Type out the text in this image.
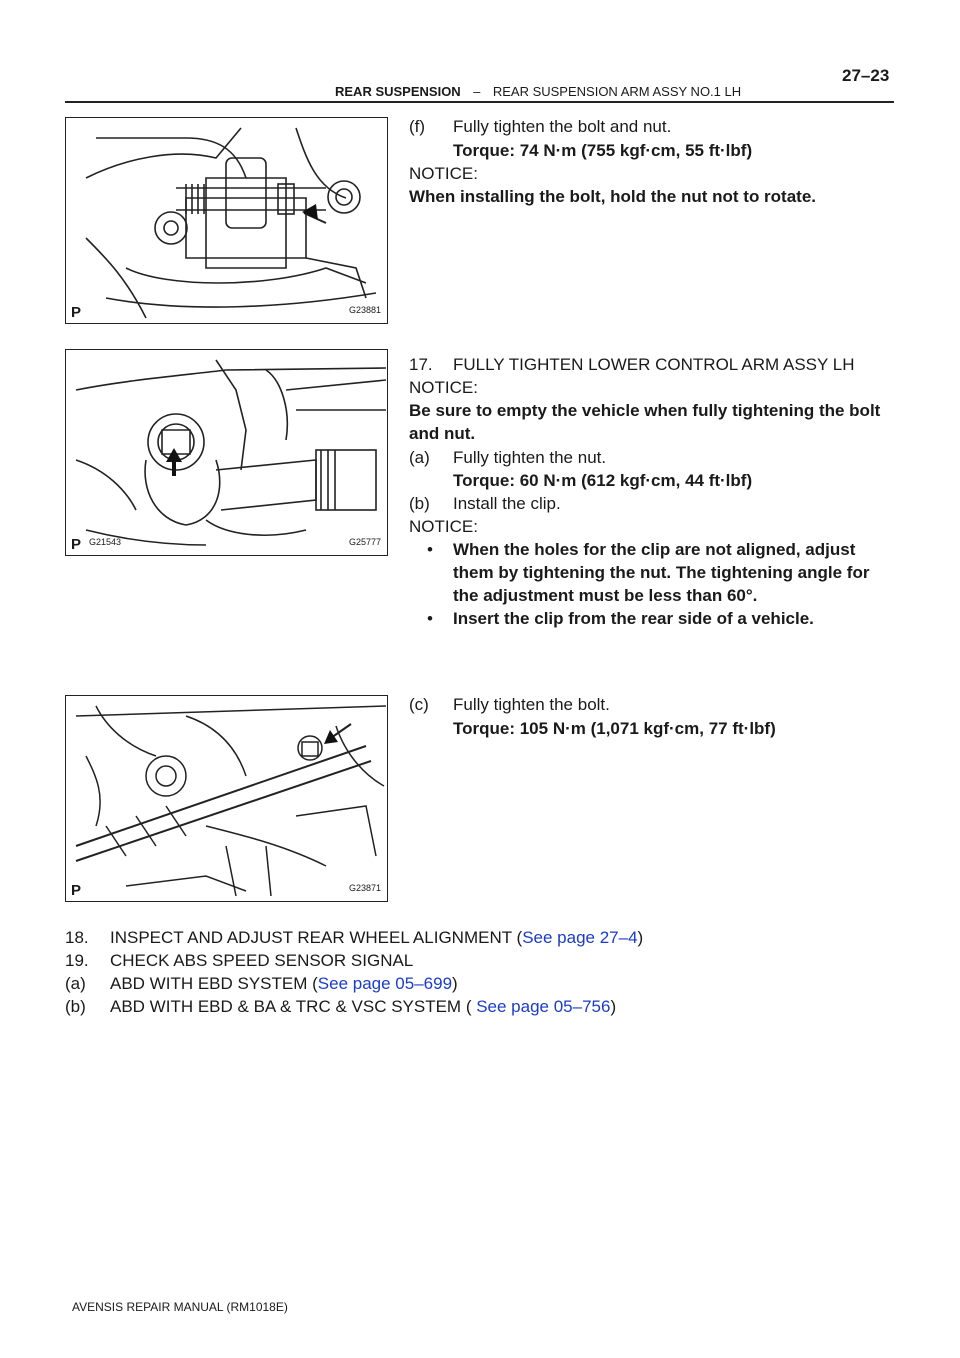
REAR SUSPENSION – REAR SUSPENSION ARM ASSY NO.1 LH
27–23
P	G23881
P G21543	G25777
P	G23871
(f) Fully tighten the bolt and nut.
Torque: 74 N·m (755 kgf·cm, 55 ft·lbf)
NOTICE:
When installing the bolt, hold the nut not to rotate.
17. FULLY TIGHTEN LOWER CONTROL ARM ASSY LH
NOTICE:
Be sure to empty the vehicle when fully tightening the bolt
and nut.
(a) Fully tighten the nut.
Torque: 60 N·m (612 kgf·cm, 44 ft·lbf)
(b) Install the clip.
NOTICE:
• When the holes for the clip are not aligned, adjust
them by tightening the nut. The tightening angle for
the adjustment must be less than 60°.
• Insert the clip from the rear side of a vehicle.
(c) Fully tighten the bolt.
Torque: 105 N·m (1,071 kgf·cm, 77 ft·lbf)
18. INSPECT AND ADJUST REAR WHEEL ALIGNMENT (See page 27–4)
19. CHECK ABS SPEED SENSOR SIGNAL
(a) ABD WITH EBD SYSTEM (See page 05–699)
(b) ABD WITH EBD & BA & TRC & VSC SYSTEM ( See page 05–756)
AVENSIS REPAIR MANUAL (RM1018E)
